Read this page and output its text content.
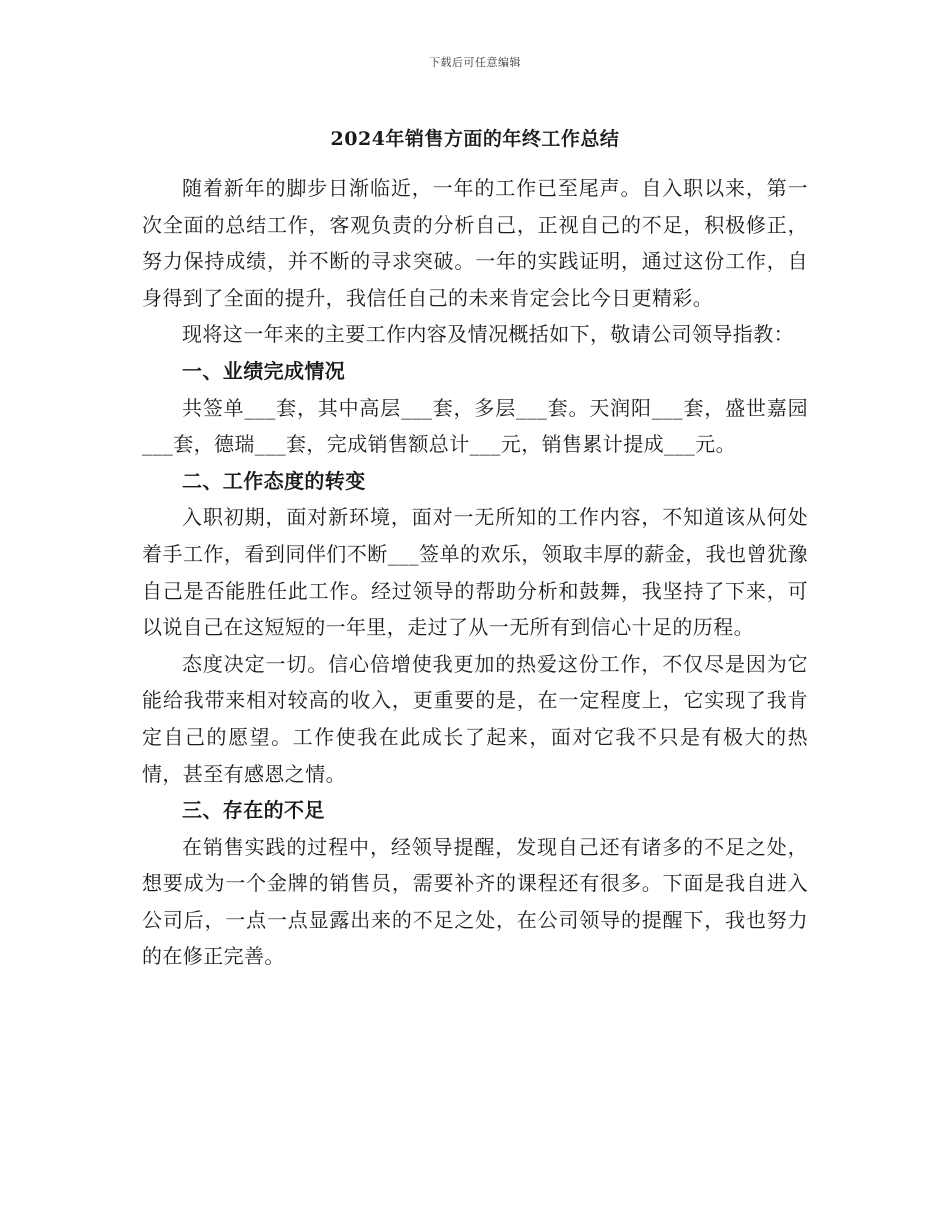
下载后可任意编辑
2024年销售方面的年终工作总结

随着新年的脚步日渐临近，一年的工作已至尾声。自入职以来，第一次全面的总结工作，客观负责的分析自己，正视自己的不足，积极修正，努力保持成绩，并不断的寻求突破。一年的实践证明，通过这份工作，自身得到了全面的提升，我信任自己的未来肯定会比今日更精彩。

现将这一年来的主要工作内容及情况概括如下，敬请公司领导指教：

一、业绩完成情况

共签单___套，其中高层___套，多层___套。天润阳___套，盛世嘉园___套，德瑞___套，完成销售额总计___元，销售累计提成___元。

二、工作态度的转变

入职初期，面对新环境，面对一无所知的工作内容，不知道该从何处着手工作，看到同伴们不断___签单的欢乐，领取丰厚的薪金，我也曾犹豫自己是否能胜任此工作。经过领导的帮助分析和鼓舞，我坚持了下来，可以说自己在这短短的一年里，走过了从一无所有到信心十足的历程。

态度决定一切。信心倍增使我更加的热爱这份工作，不仅尽是因为它能给我带来相对较高的收入，更重要的是，在一定程度上，它实现了我肯定自己的愿望。工作使我在此成长了起来，面对它我不只是有极大的热情，甚至有感恩之情。

三、存在的不足

在销售实践的过程中，经领导提醒，发现自己还有诸多的不足之处，想要成为一个金牌的销售员，需要补齐的课程还有很多。下面是我自进入公司后，一点一点显露出来的不足之处，在公司领导的提醒下，我也努力的在修正完善。
